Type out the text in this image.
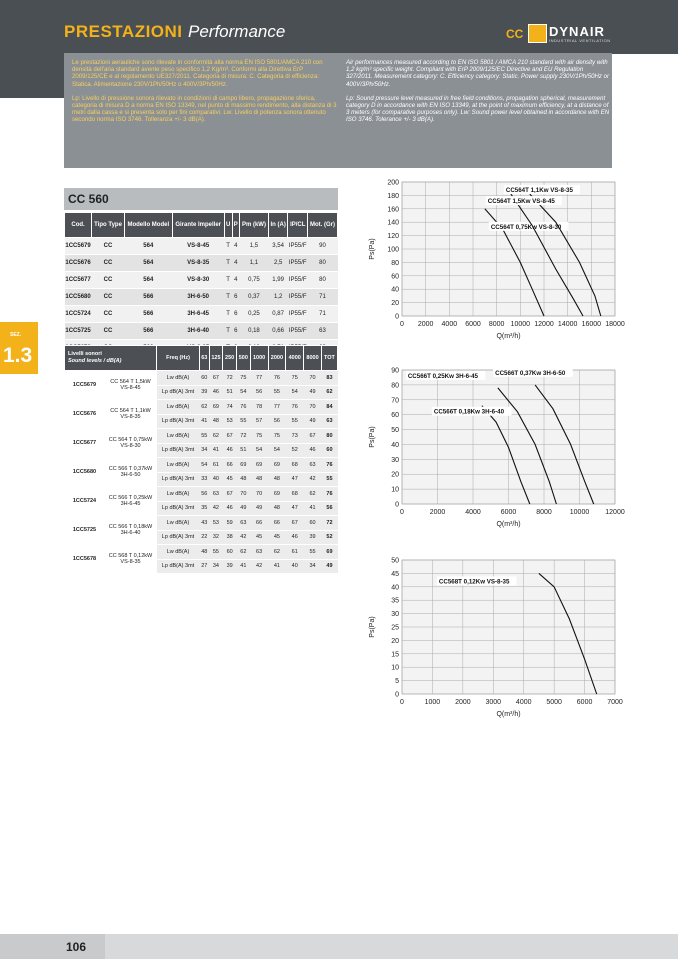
PRESTAZIONI Performance	CC DYNAIR
INDUSTRIAL VENTILATION

Le prestazioni aerauliche sono rilevate in conformità alla norma EN ISO 5801/AMCA 210 con densità dell'aria standard avente peso specifico 1,2 Kg/m³. Conformi alla Direttiva ErP 2009/125/CE e al regolamento UE327/2011. Categoria di misura: C. Categoria di efficienza: Statica. Alimentazione 230V/1Ph/50Hz o 400V/3Ph/50Hz.

Lp: Livello di pressione sonora rilevato in condizioni di campo libero, propagazione sferica, categoria di misura D a norma EN ISO 13349, nel punto di massimo rendimento, alla distanza di 3 metri dalla cassa e si presenta solo per fini comparativi. Lw: Livello di potenza sonora ottenuto secondo norma ISO 3746. Tolleranza +/- 3 dB(A).

Air performances measured according to EN ISO 5801 / AMCA 210 standard with air density with 1,2 kg/m³ specific weight. Compliant with ErP 2009/125/EC Directive and EU Regulation 327/2011. Measurement category: C. Efficiency category: Static. Power supply 230V/1Ph/50Hz or 400V/3Ph/50Hz.

Lp: Sound pressure level measured in free field conditions, propagation spherical, measurement category D in accordance with EN ISO 13349, at the point of maximum efficiency, at a distance of 3 meters (for comparative purposes only). Lw: Sound power level obtained in accordance with EN ISO 3746. Tolerance +/- 3 dB(A).

SEZ.
1.3
CC 560
Cod.	Tipo Type	Modello Model	Girante Impeller	U	P	Pm (kW)	In (A)	IP/CL	Mot. (Gr)
1CC5679	CC	564	VS-8-45	T	4	1,5	3,54	IP55/F	90
1CC5676	CC	564	VS-8-35	T	4	1,1	2,5	IP55/F	80
1CC5677	CC	564	VS-8-30	T	4	0,75	1,99	IP55/F	80
1CC5680	CC	566	3H-6-50	T	6	0,37	1,2	IP55/F	71
1CC5724	CC	566	3H-6-45	T	6	0,25	0,87	IP55/F	71
1CC5725	CC	566	3H-6-40	T	6	0,18	0,66	IP55/F	63

Livelli sonori
Sound levels / dB(A)		Freq (Hz)	63	125	250	500	1000	2000	4000	8000	TOT
1CC5679	CC 564 T 1,5kW
VS-8-45	Lw dB(A)	60	67	72	75	77	76	75	70	83
		Lp dB(A) 3mt	39	46	51	54	56	55	54	49	62
1CC5676	CC 564 T 1,1kW
VS-8-35	Lw dB(A)	62	69	74	76	78	77	76	70	84
		Lp dB(A) 3mt	41	48	53	55	57	56	55	49	63
1CC5677	CC 564 T 0,75kW
VS-8-30	Lw dB(A)	55	62	67	72	75	75	73	67	80
		Lp dB(A) 3mt	34	41	46	51	54	54	52	46	60
1CC5680	CC 566 T 0,37kW
3H-6-50	Lw dB(A)	54	61	66	69	69	69	68	63	76
		Lp dB(A) 3mt	33	40	45	48	48	48	47	42	55
1CC5724	CC 566 T 0,25kW
3H-6-45	Lw dB(A)	56	63	67	70	70	69	68	62	76
		Lp dB(A) 3mt	35	42	46	49	49	48	47	41	56
1CC5725	CC 566 T 0,18kW
3H-6-40	Lw dB(A)	43	53	59	63	66	66	67	60	72
		Lp dB(A) 3mt	22	32	38	42	45	45	46	39	52
1CC5678	CC 568 T 0,12kW
VS-8-35	Lw dB(A)	48	55	60	62	63	62	61	55	69
		Lp dB(A) 3mt	27	34	39	41	42	41	40	34	49
0 2000 4000 6000 8000 10000 12000 14000 16000 18000
0
20
40
60
80
100
120
140
160
180
200
Q(m³/h)
Ps(Pa)
CC564T 0,75Kw VS-8-30
CC564T 1,1Kw VS-8-35
CC564T 1,5Kw VS-8-45
0	2000	4000	6000	8000	10000 12000
0
10
20
30
40
50
60
70
80
90
Q(m³/h)
Ps(Pa)
CC566T 0,18Kw 3H-6-40
CC566T 0,25Kw 3H-6-45	CC566T 0,37Kw 3H-6-50
0	1000 2000 3000 4000 5000 6000 7000
0
5
10
15
20
25
30
35
40
45
50
Q(m³/h)
Ps(Pa)
CC568T 0,12Kw VS-8-35
106
